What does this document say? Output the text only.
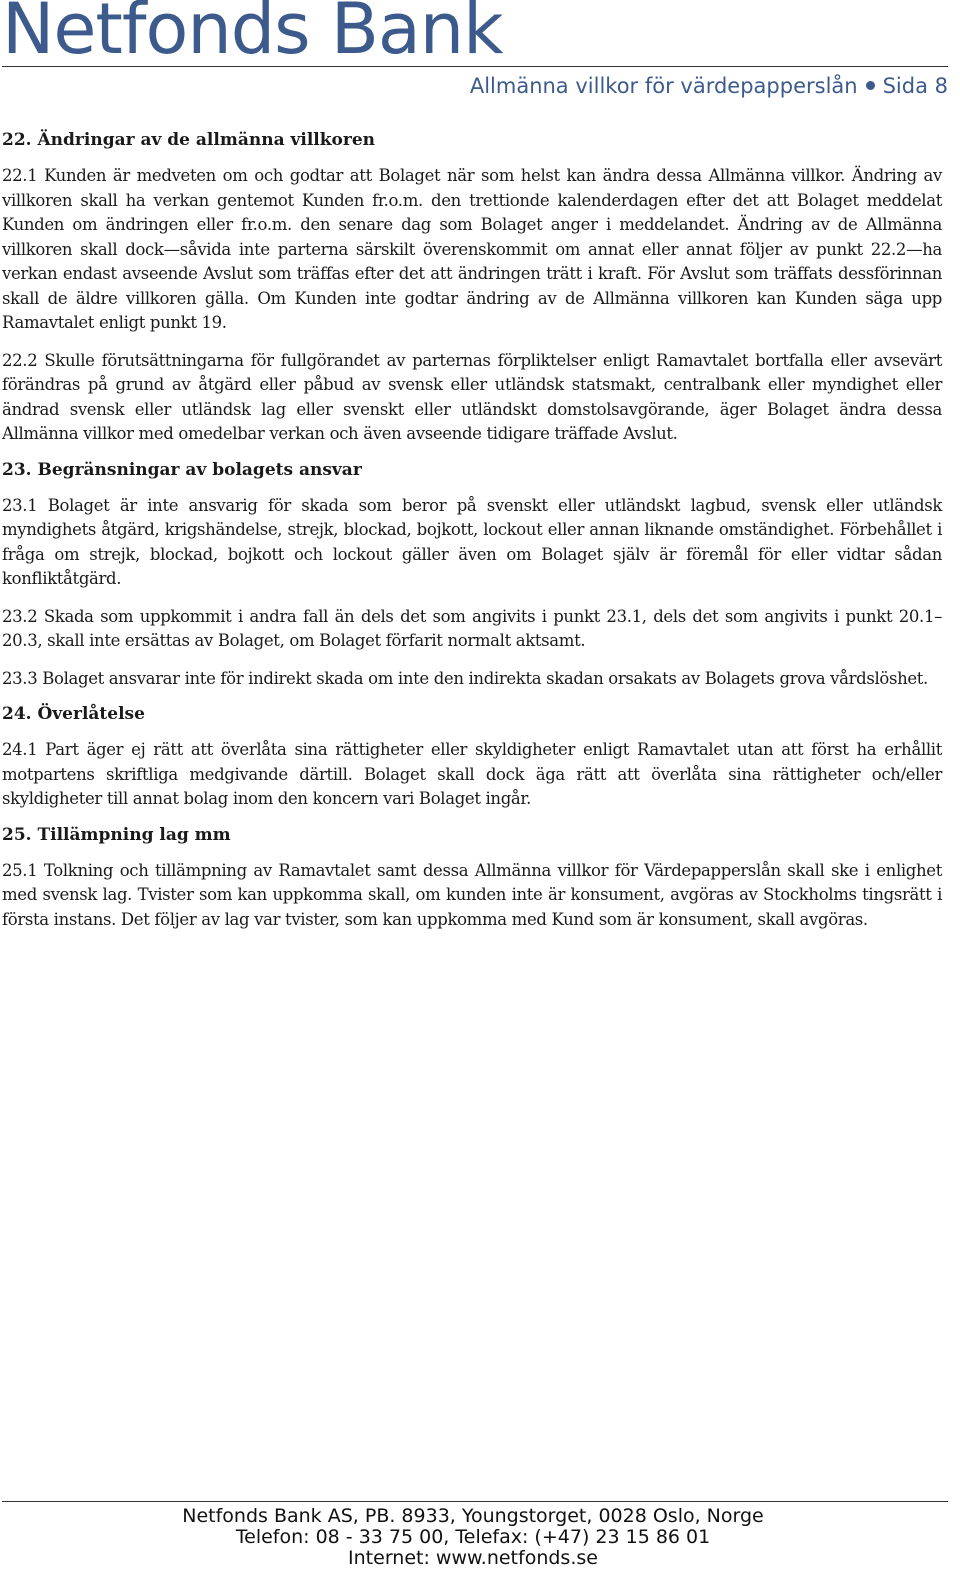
Netfonds Bank
Allmänna villkor för värdepapperslån Sida 8
22. Ändringar av de allmänna villkoren

22.1 Kunden är medveten om och godtar att Bolaget när som helst kan ändra dessa Allmänna villkor. Ändring av villkoren skall ha verkan gentemot Kunden fr.o.m. den trettionde kalenderdagen efter det att Bolaget meddelat Kunden om ändringen eller fr.o.m. den senare dag som Bolaget anger i meddelandet. Ändring av de Allmänna villkoren skall dock—såvida inte parterna särskilt överenskommit om annat eller annat följer av punkt 22.2—ha verkan endast avseende Avslut som träffas efter det att ändringen trätt i kraft. För Avslut som träffats dessförinnan skall de äldre villkoren gälla. Om Kunden inte godtar ändring av de Allmänna villkoren kan Kunden säga upp Ramavtalet enligt punkt 19.

22.2 Skulle förutsättningarna för fullgörandet av parternas förpliktelser enligt Ramavtalet bortfalla eller avsevärt förändras på grund av åtgärd eller påbud av svensk eller utländsk statsmakt, centralbank eller myndighet eller ändrad svensk eller utländsk lag eller svenskt eller utländskt domstolsavgörande, äger Bolaget ändra dessa Allmänna villkor med omedelbar verkan och även avseende tidigare träffade Avslut.

23. Begränsningar av bolagets ansvar

23.1 Bolaget är inte ansvarig för skada som beror på svenskt eller utländskt lagbud, svensk eller utländsk myndighets åtgärd, krigshändelse, strejk, blockad, bojkott, lockout eller annan liknande omständighet. Förbehållet i fråga om strejk, blockad, bojkott och lockout gäller även om Bolaget själv är föremål för eller vidtar sådan konfliktåtgärd.

23.2 Skada som uppkommit i andra fall än dels det som angivits i punkt 23.1, dels det som angivits i punkt 20.1–20.3, skall inte ersättas av Bolaget, om Bolaget förfarit normalt aktsamt.

23.3 Bolaget ansvarar inte för indirekt skada om inte den indirekta skadan orsakats av Bolagets grova vårdslöshet.

24. Överlåtelse

24.1 Part äger ej rätt att överlåta sina rättigheter eller skyldigheter enligt Ramavtalet utan att först ha erhållit motpartens skriftliga medgivande därtill. Bolaget skall dock äga rätt att överlåta sina rättigheter och/eller skyldigheter till annat bolag inom den koncern vari Bolaget ingår.

25. Tillämpning lag mm

25.1 Tolkning och tillämpning av Ramavtalet samt dessa Allmänna villkor för Värdepapperslån skall ske i enlighet med svensk lag. Tvister som kan uppkomma skall, om kunden inte är konsument, avgöras av Stockholms tingsrätt i första instans. Det följer av lag var tvister, som kan uppkomma med Kund som är konsument, skall avgöras.

Netfonds Bank AS, PB. 8933, Youngstorget, 0028 Oslo, Norge
Telefon: 08 - 33 75 00, Telefax: (+47) 23 15 86 01
Internet: www.netfonds.se
